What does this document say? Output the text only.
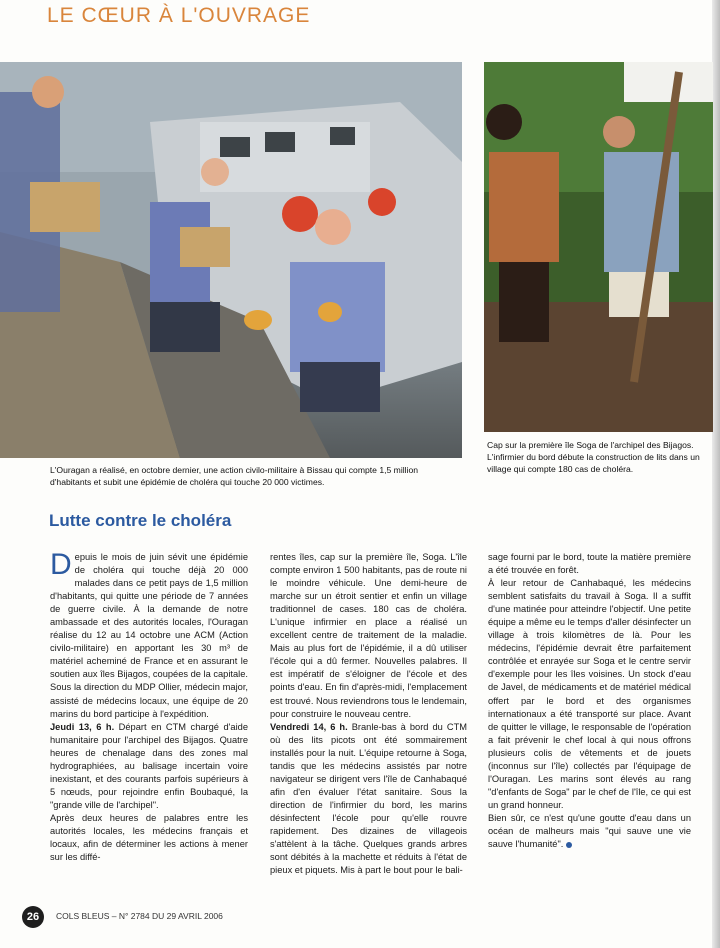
LE CŒUR À L'OUVRAGE
L'Ouragan a réalisé, en octobre dernier, une action civilo-militaire à Bissau qui compte 1,5 million d'habitants et subit une épidémie de choléra qui touche 20 000 victimes.
Cap sur la première île Soga de l'archipel des Bijagos. L'infirmier du bord débute la construction de lits dans un village qui compte 180 cas de choléra.
Lutte contre le choléra

Depuis le mois de juin sévit une épidémie de choléra qui touche déjà 20 000 malades dans ce petit pays de 1,5 million d'habitants, qui quitte une période de 7 années de guerre civile. À la demande de notre ambassade et des autorités locales, l'Ouragan réalise du 12 au 14 octobre une ACM (Action civilo-militaire) en apportant les 30 m³ de matériel acheminé de France et en assurant le soutien aux îles Bijagos, coupées de la capitale. Sous la direction du MDP Ollier, médecin major, assisté de médecins locaux, une équipe de 20 marins du bord participe à l'expédition.

Jeudi 13, 6 h. Départ en CTM chargé d'aide humanitaire pour l'archipel des Bijagos. Quatre heures de chenalage dans des zones mal hydrographiées, au balisage incertain voire inexistant, et des courants parfois supérieurs à 5 nœuds, pour rejoindre enfin Boubaqué, la "grande ville de l'archipel".

Après deux heures de palabres entre les autorités locales, les médecins français et locaux, afin de déterminer les actions à mener sur les diffé-

rentes îles, cap sur la première île, Soga. L'île compte environ 1 500 habitants, pas de route ni le moindre véhicule. Une demi-heure de marche sur un étroit sentier et enfin un village traditionnel de cases. 180 cas de choléra. L'unique infirmier en place a réalisé un excellent centre de traitement de la maladie. Mais au plus fort de l'épidémie, il a dû utiliser l'école qui a dû fermer. Nouvelles palabres. Il est impératif de s'éloigner de l'école et des points d'eau. En fin d'après-midi, l'emplacement est trouvé. Nous reviendrons tous le lendemain, pour construire le nouveau centre.

Vendredi 14, 6 h. Branle-bas à bord du CTM où des lits picots ont été sommairement installés pour la nuit. L'équipe retourne à Soga, tandis que les médecins assistés par notre navigateur se dirigent vers l'île de Canhabaqué afin d'en évaluer l'état sanitaire. Sous la direction de l'infirmier du bord, les marins désinfectent l'école pour qu'elle rouvre rapidement. Des dizaines de villageois s'attèlent à la tâche. Quelques grands arbres sont débités à la machette et réduits à l'état de pieux et piquets. Mis à part le bout pour le bali-

sage fourni par le bord, toute la matière première a été trouvée en forêt.

À leur retour de Canhabaqué, les médecins semblent satisfaits du travail à Soga. Il a suffit d'une matinée pour atteindre l'objectif. Une petite équipe a même eu le temps d'aller désinfecter un village à trois kilomètres de là. Pour les médecins, l'épidémie devrait être parfaitement contrôlée et enrayée sur Soga et le centre servir d'exemple pour les îles voisines. Un stock d'eau de Javel, de médicaments et de matériel médical offert par le bord et des organismes internationaux a été transporté sur place. Avant de quitter le village, le responsable de l'opération a fait prévenir le chef local à qui nous offrons plusieurs colis de vêtements et de jouets (inconnus sur l'île) collectés par l'équipage de l'Ouragan. Les marins sont élevés au rang "d'enfants de Soga" par le chef de l'île, ce qui est un grand honneur.

Bien sûr, ce n'est qu'une goutte d'eau dans un océan de malheurs mais "qui sauve une vie sauve l'humanité".

26	COLS BLEUS – N° 2784 DU 29 AVRIL 2006
